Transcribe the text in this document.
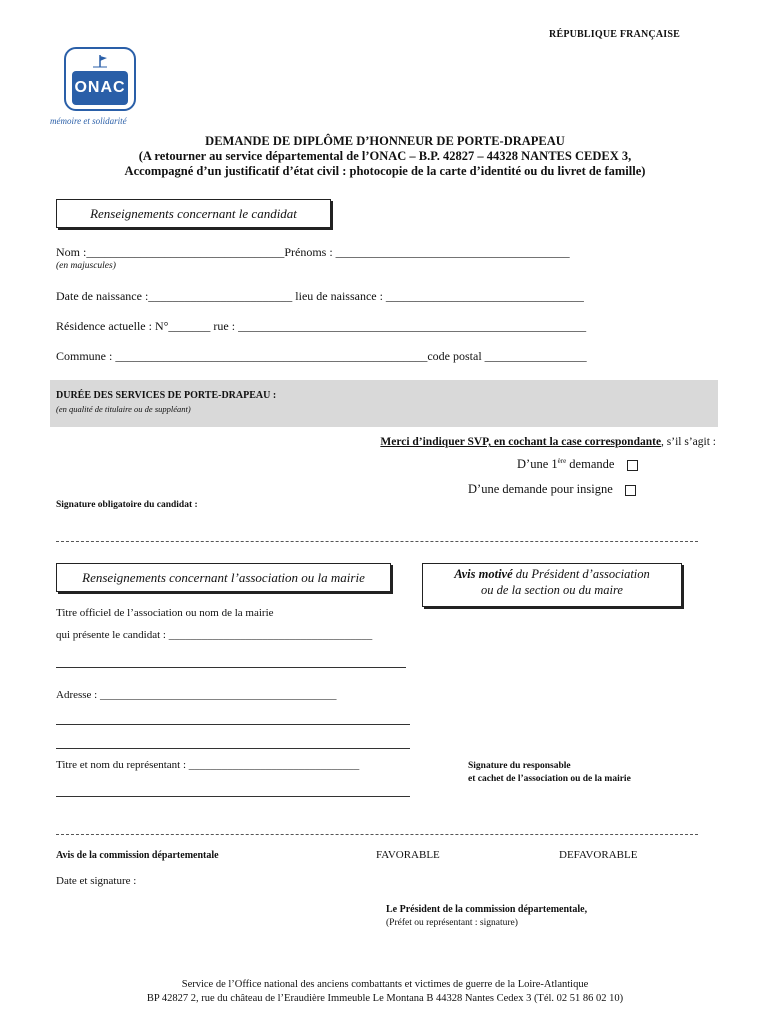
RÉPUBLIQUE FRANÇAISE
ONAC
mémoire et solidarité
DEMANDE DE DIPLÔME D’HONNEUR DE PORTE-DRAPEAU
(A retourner au service départemental de l’ONAC – B.P. 42827 – 44328 NANTES CEDEX 3,
Accompagné d’un justificatif d’état civil : photocopie de la carte d’identité ou du livret de famille)
Renseignements concernant le candidat
Nom :_________________________________Prénoms : _______________________________________
(en majuscules)
Date de naissance :________________________ lieu de naissance : _________________________________
Résidence actuelle : N°_______ rue : __________________________________________________________
Commune : ____________________________________________________code postal _________________
DURÉE DES SERVICES DE PORTE-DRAPEAU :
(en qualité de titulaire ou de suppléant)
Merci d’indiquer SVP, en cochant la case correspondante, s’il s’agit :
D’une 1ère demande
D’une demande pour insigne
Signature obligatoire du candidat :
Renseignements concernant l’association ou la mairie	Avis motivé du Président d’association
ou de la section ou du maire
Titre officiel de l’association ou nom de la mairie
qui présente le candidat : _____________________________________
Adresse : ___________________________________________
Titre et nom du représentant : _______________________________	Signature du responsable
et cachet de l’association ou de la mairie
Avis de la commission départementale	FAVORABLE	DEFAVORABLE
Date et signature :
Le Président de la commission départementale,
(Préfet ou représentant : signature)
Service de l’Office national des anciens combattants et victimes de guerre de la Loire-Atlantique
BP 42827 2, rue du château de l’Eraudière Immeuble Le Montana B 44328 Nantes Cedex 3 (Tél. 02 51 86 02 10)
